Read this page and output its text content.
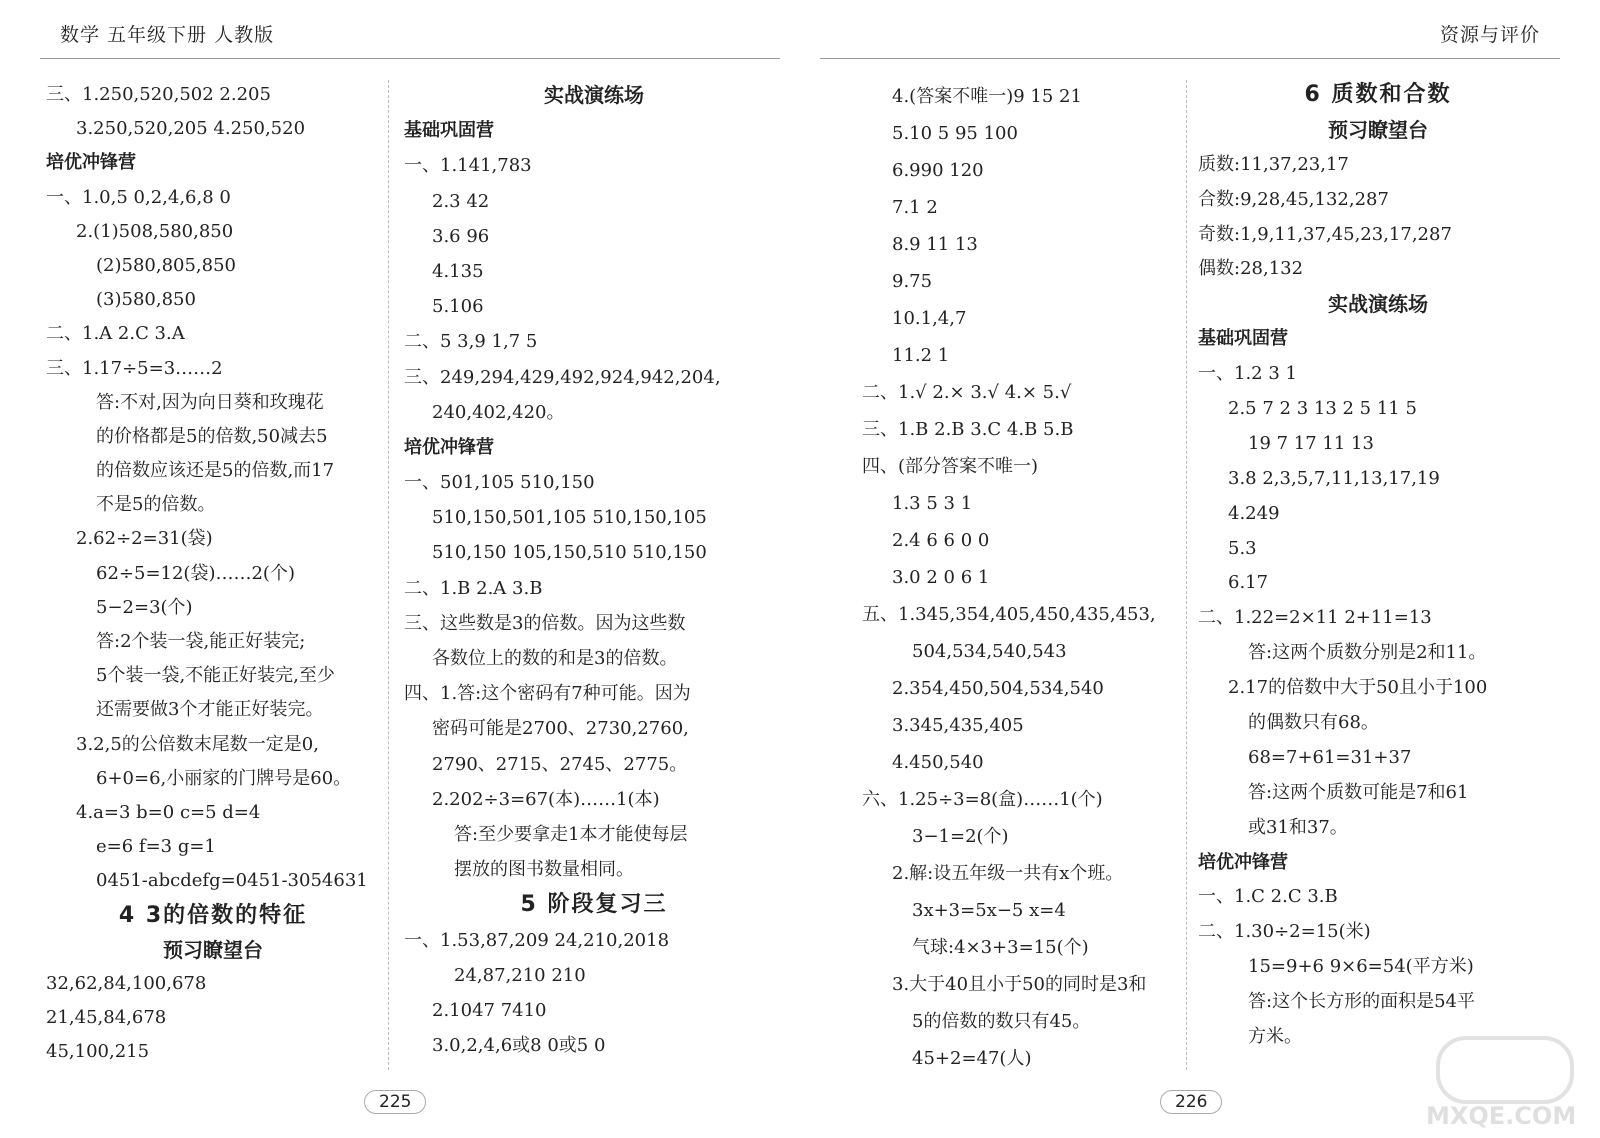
数学 五年级下册 人教版	资源与评价
三、1.250,520,502 2.205
3.250,520,205 4.250,520
培优冲锋营
一、1.0,5 0,2,4,6,8 0
2.(1)508,580,850
(2)580,805,850
(3)580,850
二、1.A 2.C 3.A
三、1.17÷5=3……2
答:不对,因为向日葵和玫瑰花
的价格都是5的倍数,50减去5
的倍数应该还是5的倍数,而17
不是5的倍数。
2.62÷2=31(袋)
62÷5=12(袋)……2(个)
5−2=3(个)
答:2个装一袋,能正好装完;
5个装一袋,不能正好装完,至少
还需要做3个才能正好装完。
3.2,5的公倍数末尾数一定是0,
6+0=6,小丽家的门牌号是60。
4.a=3 b=0 c=5 d=4
e=6 f=3 g=1
0451-abcdefg=0451-3054631
4 3的倍数的特征
预习瞭望台
32,62,84,100,678
21,45,84,678
45,100,215
实战演练场
基础巩固营
一、1.141,783
2.3 42
3.6 96
4.135
5.106
二、5 3,9 1,7 5
三、249,294,429,492,924,942,204,
240,402,420。
培优冲锋营
一、501,105 510,150
510,150,501,105 510,150,105
510,150 105,150,510 510,150
二、1.B 2.A 3.B
三、这些数是3的倍数。因为这些数
各数位上的数的和是3的倍数。
四、1.答:这个密码有7种可能。因为
密码可能是2700、2730,2760,
2790、2715、2745、2775。
2.202÷3=67(本)……1(本)
答:至少要拿走1本才能使每层
摆放的图书数量相同。
5 阶段复习三
一、1.53,87,209 24,210,2018
24,87,210 210
2.1047 7410
3.0,2,4,6或8 0或5 0
4.(答案不唯一)9 15 21
5.10 5 95 100
6.990 120
7.1 2
8.9 11 13
9.75
10.1,4,7
11.2 1
二、1.√ 2.× 3.√ 4.× 5.√
三、1.B 2.B 3.C 4.B 5.B
四、(部分答案不唯一)
1.3 5 3 1
2.4 6 6 0 0
3.0 2 0 6 1
五、1.345,354,405,450,435,453,
504,534,540,543
2.354,450,504,534,540
3.345,435,405
4.450,540
六、1.25÷3=8(盒)……1(个)
3−1=2(个)
2.解:设五年级一共有x个班。
3x+3=5x−5 x=4
气球:4×3+3=15(个)
3.大于40且小于50的同时是3和
5的倍数的数只有45。
45+2=47(人)
6 质数和合数
预习瞭望台
质数:11,37,23,17
合数:9,28,45,132,287
奇数:1,9,11,37,45,23,17,287
偶数:28,132
实战演练场
基础巩固营
一、1.2 3 1
2.5 7 2 3 13 2 5 11 5
19 7 17 11 13
3.8 2,3,5,7,11,13,17,19
4.249
5.3
6.17
二、1.22=2×11 2+11=13
答:这两个质数分别是2和11。
2.17的倍数中大于50且小于100
的偶数只有68。
68=7+61=31+37
答:这两个质数可能是7和61
或31和37。
培优冲锋营
一、1.C 2.C 3.B
二、1.30÷2=15(米)
15=9+6 9×6=54(平方米)
答:这个长方形的面积是54平
方米。
225	226	MXQE.COM
